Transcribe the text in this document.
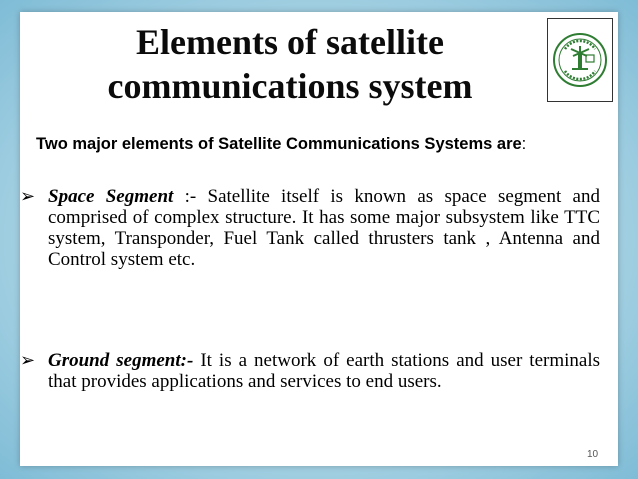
Elements of satellite
communications system
Two major elements of Satellite Communications Systems are:
➢ Space Segment :- Satellite itself is known as space segment and comprised of complex structure. It has some major subsystem like TTC system, Transponder, Fuel Tank called thrusters tank , Antenna and Control system etc.
➢ Ground segment:- It is a network of earth stations and user terminals that provides applications and services to end users.
10
